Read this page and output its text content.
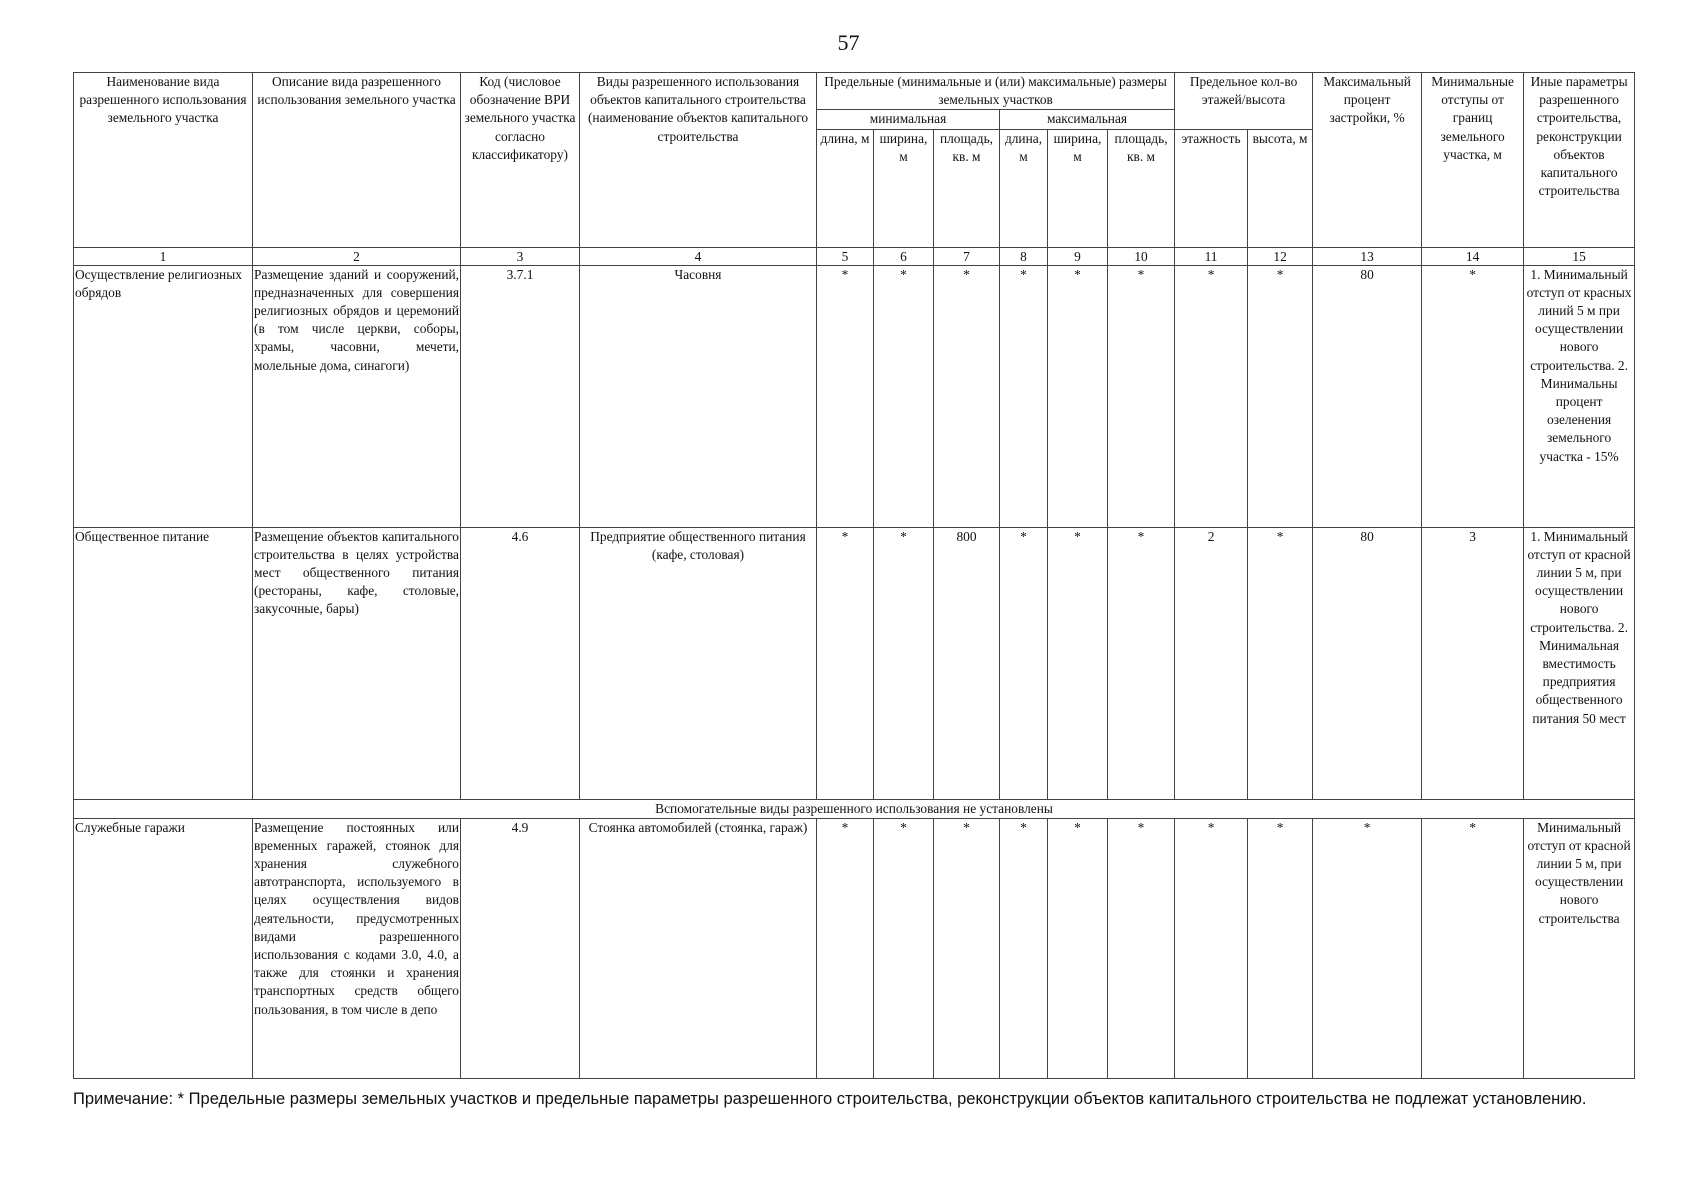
57
Наименование вида разрешенного использования земельного участка	Описание вида разрешенного использования земельного участка	Код (числовое обозначение ВРИ земельного участка согласно классификатору)	Виды разрешенного использования объектов капитального строительства (наименование объектов капитального строительства	Предельные (минимальные и (или) максимальные) размеры земельных участков						Предельное кол-во этажей/высота		Максимальный процент застройки, %	Минимальные отступы от границ земельного участка, м	Иные параметры разрешенного строительства, реконструкции объектов капитального строительства
				минимальная			максимальная							
				длина, м	ширина, м	площадь, кв. м	длина, м	ширина, м	площадь, кв. м	этажность	высота, м			
1	2	3	4	5	6	7	8	9	10	11	12	13	14	15
Осуществление религиозных обрядов	Размещение зданий и сооружений, предназначенных для совершения религиозных обрядов и церемоний (в том числе церкви, соборы, храмы, часовни, мечети, молельные дома, синагоги)	3.7.1	Часовня	*	*	*	*	*	*	*	*	80	*	1. Минимальный отступ от красных линий 5 м при осуществлении нового строительства. 2. Минимальны процент озеленения земельного участка - 15%
Общественное питание	Размещение объектов капитального строительства в целях устройства мест общественного питания (рестораны, кафе, столовые, закусочные, бары)	4.6	Предприятие общественного питания (кафе, столовая)	*	*	800	*	*	*	2	*	80	3	1. Минимальный отступ от красной линии 5 м, при осуществлении нового строительства. 2. Минимальная вместимость предприятия общественного питания 50 мест
Вспомогательные виды разрешенного использования не установлены														
Служебные гаражи	Размещение постоянных или временных гаражей, стоянок для хранения служебного автотранспорта, используемого в целях осуществления видов деятельности, предусмотренных видами разрешенного использования с кодами 3.0, 4.0, а также для стоянки и хранения транспортных средств общего пользования, в том числе в депо	4.9	Стоянка автомобилей (стоянка, гараж)	*	*	*	*	*	*	*	*	*	*	Минимальный отступ от красной линии 5 м, при осуществлении нового строительства
Примечание: * Предельные размеры земельных участков и предельные параметры разрешенного строительства, реконструкции объектов капитального строительства не подлежат установлению.
